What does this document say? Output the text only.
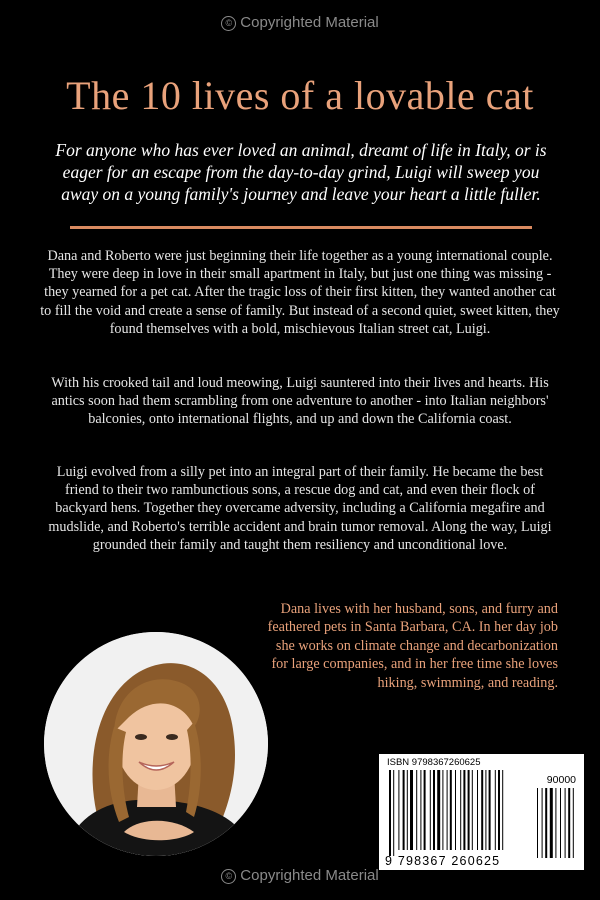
© Copyrighted Material
The 10 lives of a lovable cat
For anyone who has ever loved an animal, dreamt of life in Italy, or is eager for an escape from the day-to-day grind, Luigi will sweep you away on a young family's journey and leave your heart a little fuller.
Dana and Roberto were just beginning their life together as a young international couple. They were deep in love in their small apartment in Italy, but just one thing was missing - they yearned for a pet cat. After the tragic loss of their first kitten, they wanted another cat to fill the void and create a sense of family. But instead of a second quiet, sweet kitten, they found themselves with a bold, mischievous Italian street cat, Luigi.
With his crooked tail and loud meowing, Luigi sauntered into their lives and hearts. His antics soon had them scrambling from one adventure to another - into Italian neighbors' balconies, onto international flights, and up and down the California coast.
Luigi evolved from a silly pet into an integral part of their family. He became the best friend to their two rambunctious sons, a rescue dog and cat, and even their flock of backyard hens. Together they overcame adversity, including a California megafire and mudslide, and Roberto's terrible accident and brain tumor removal. Along the way, Luigi grounded their family and taught them resiliency and unconditional love.
Dana lives with her husband, sons, and furry and feathered pets in Santa Barbara, CA. In her day job she works on climate change and decarbonization for large companies, and in her free time she loves hiking, swimming, and reading.
ISBN 9798367260625
90000
9 798367 260625
© Copyrighted Material
